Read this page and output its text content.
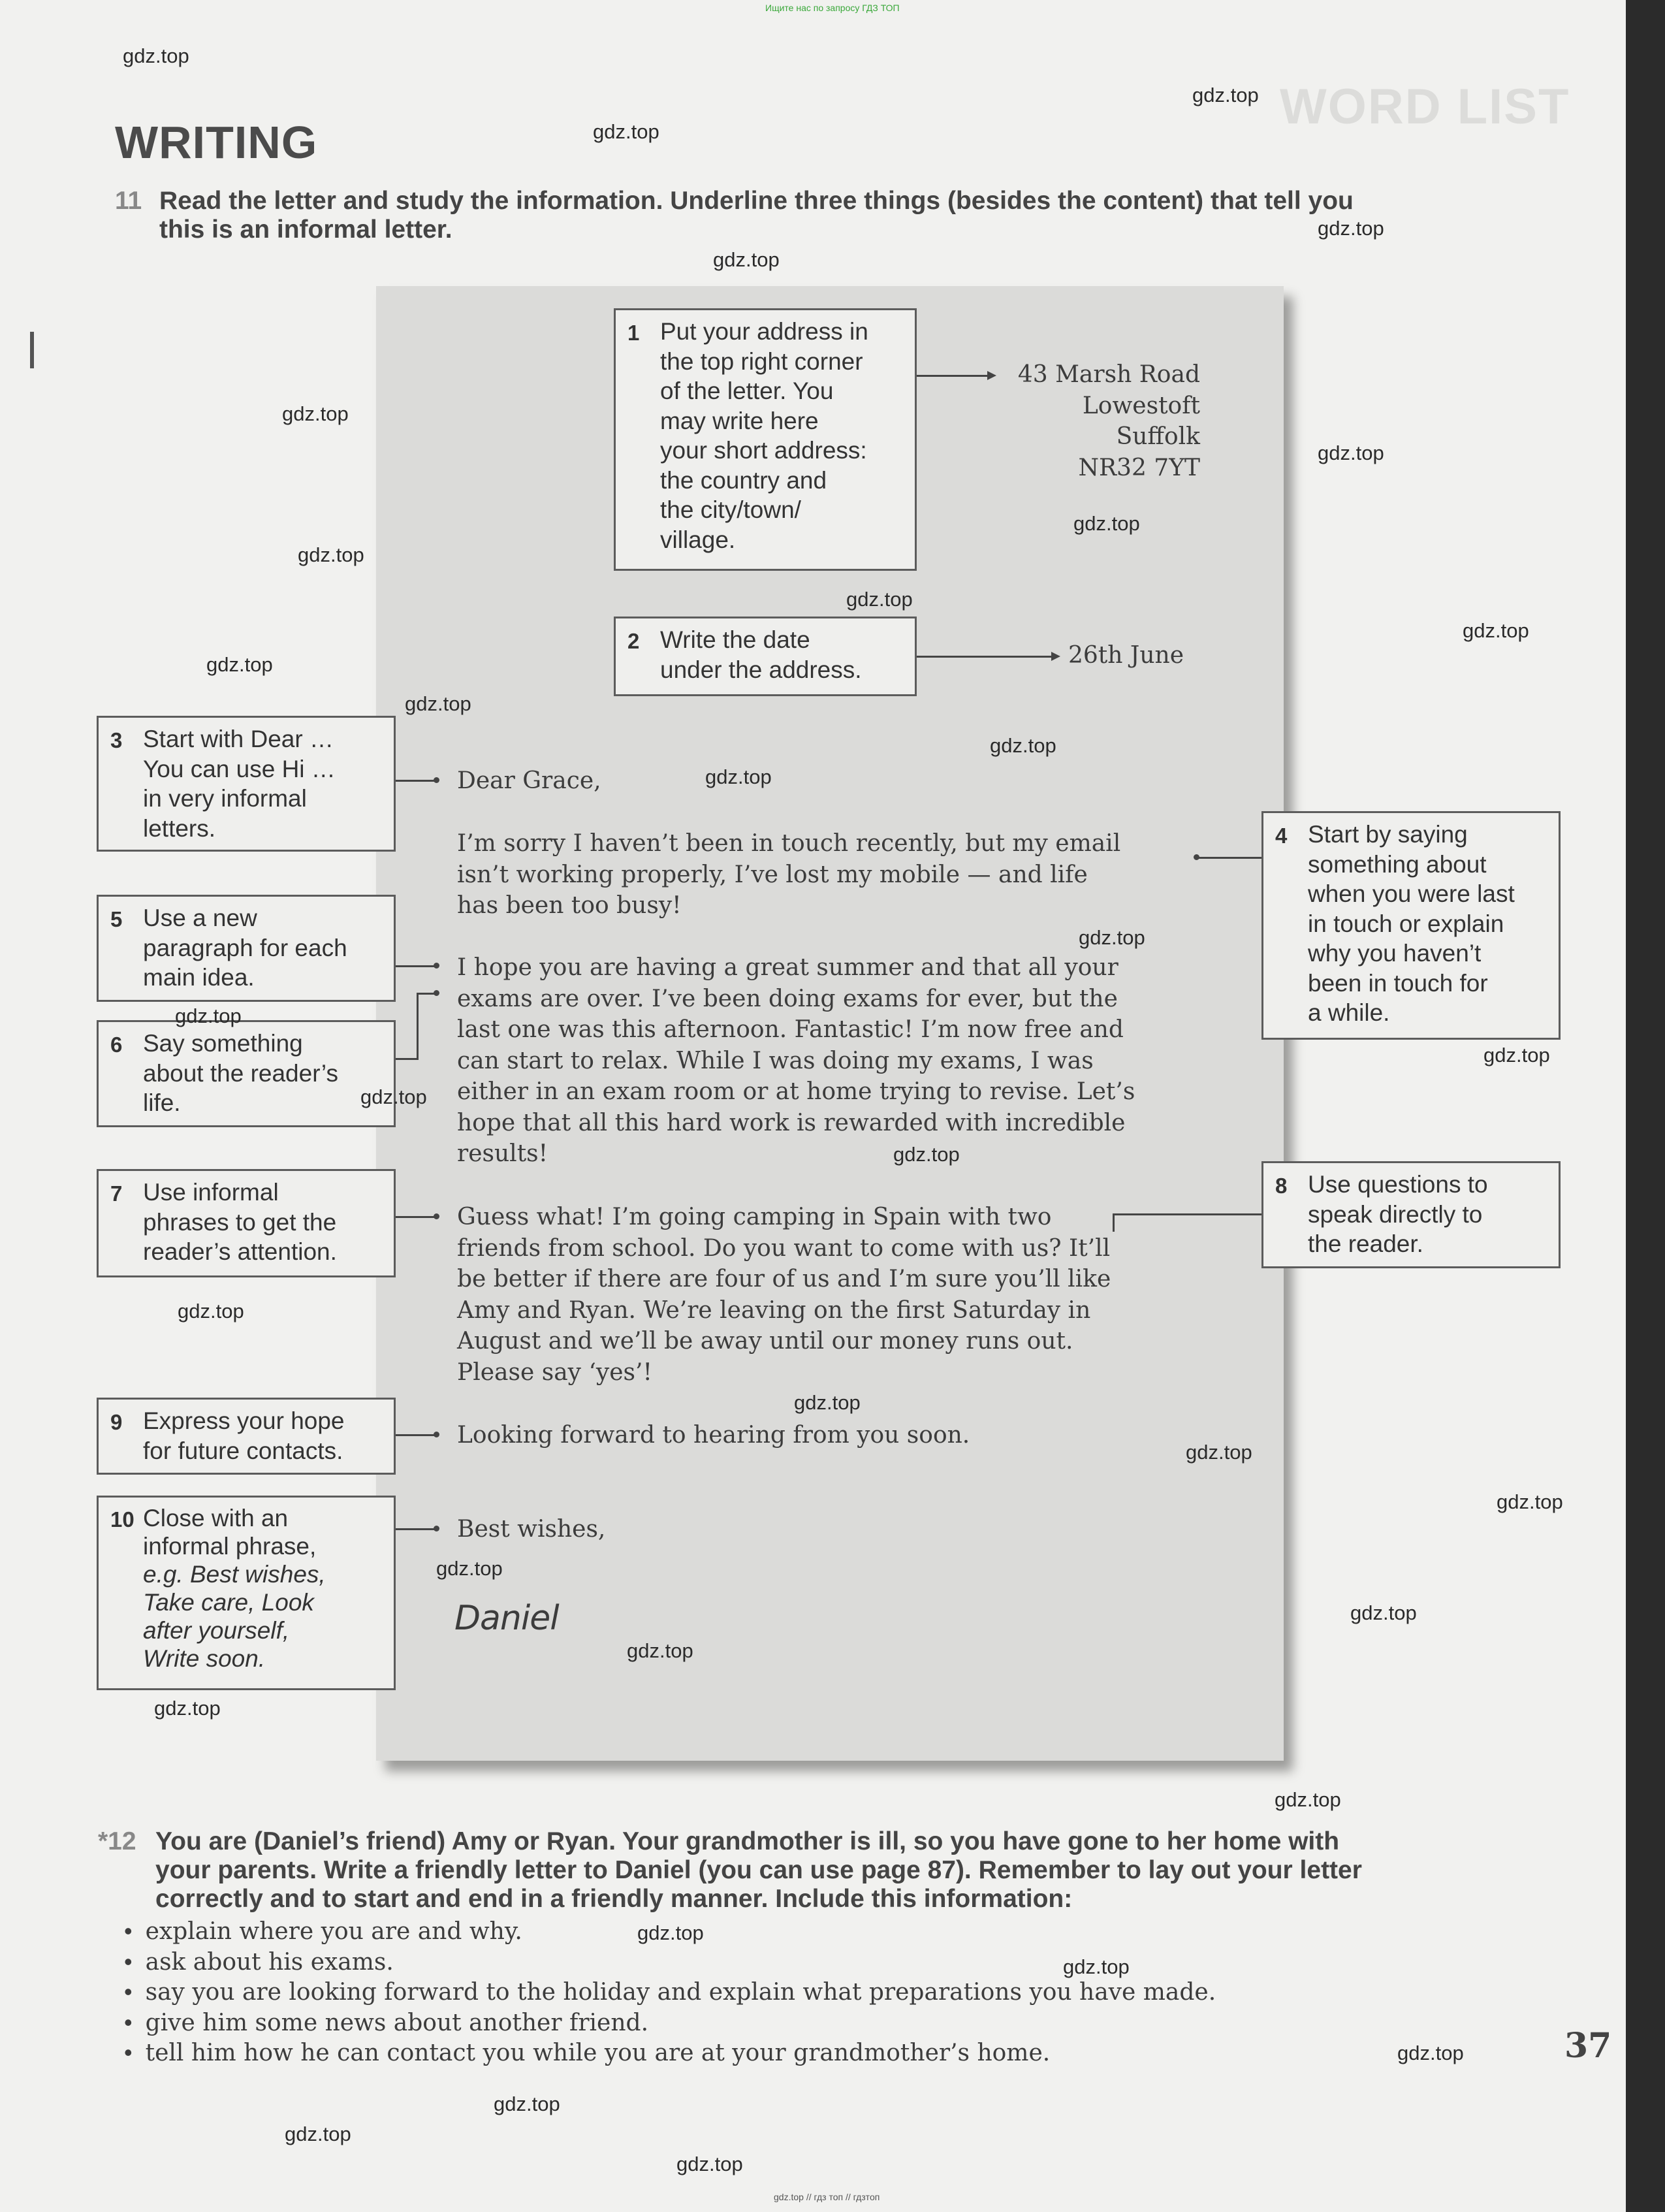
Ищите нас по запросу ГДЗ ТОП
gdz.top // гдз топ // гдзтоп
WORD LIST
WRITING
11 Read the letter and study the information. Underline three things (besides the content) that tell you
this is an informal letter.
43 Marsh Road
Lowestoft
Suffolk
NR32 7YT
26th June
Dear Grace,
I’m sorry I haven’t been in touch recently, but my email
isn’t working properly, I’ve lost my mobile — and life
has been too busy!
I hope you are having a great summer and that all your
exams are over. I’ve been doing exams for ever, but the
last one was this afternoon. Fantastic! I’m now free and
can start to relax. While I was doing my exams, I was
either in an exam room or at home trying to revise. Let’s
hope that all this hard work is rewarded with incredible
results!
Guess what! I’m going camping in Spain with two
friends from school. Do you want to come with us? It’ll
be better if there are four of us and I’m sure you’ll like
Amy and Ryan. We’re leaving on the first Saturday in
August and we’ll be away until our money runs out.
Please say ‘yes’!
Looking forward to hearing from you soon.
Best wishes,
Daniel
1 Put your address in
the top right corner
of the letter. You
may write here
your short address:
the country and
the city/town/
village.
2 Write the date
under the address.
3 Start with Dear …
You can use Hi …
in very informal
letters.	4 Start by saying
something about
when you were last
in touch or explain
why you haven’t
been in touch for
a while.
5 Use a new
paragraph for each
main idea.
6 Say something
about the reader’s
life.
7 Use informal
phrases to get the
reader’s attention.
8 Use questions to
speak directly to
the reader.
9 Express your hope
for future contacts.
10 Close with an
informal phrase,
e.g. Best wishes,
Take care, Look
after yourself,
Write soon.
*12 You are (Daniel’s friend) Amy or Ryan. Your grandmother is ill, so you have gone to her home with
your parents. Write a friendly letter to Daniel (you can use page 87). Remember to lay out your letter
correctly and to start and end in a friendly manner. Include this information:
• explain where you are and why.
• ask about his exams.
• say you are looking forward to the holiday and explain what preparations you have made.
• give him some news about another friend.
• tell him how he can contact you while you are at your grandmother’s home.	37
gdz.top
gdz.top
gdz.top
gdz.top
gdz.top
gdz.top
gdz.top
gdz.top
gdz.top
gdz.top
gdz.top
gdz.top
gdz.top
gdz.top
gdz.top
gdz.top
gdz.top
gdz.top
gdz.top
gdz.top
gdz.top
gdz.top
gdz.top
gdz.top
gdz.top
gdz.top
gdz.top
gdz.top
gdz.top
gdz.top
gdz.top
gdz.top
gdz.top
gdz.top
gdz.top
